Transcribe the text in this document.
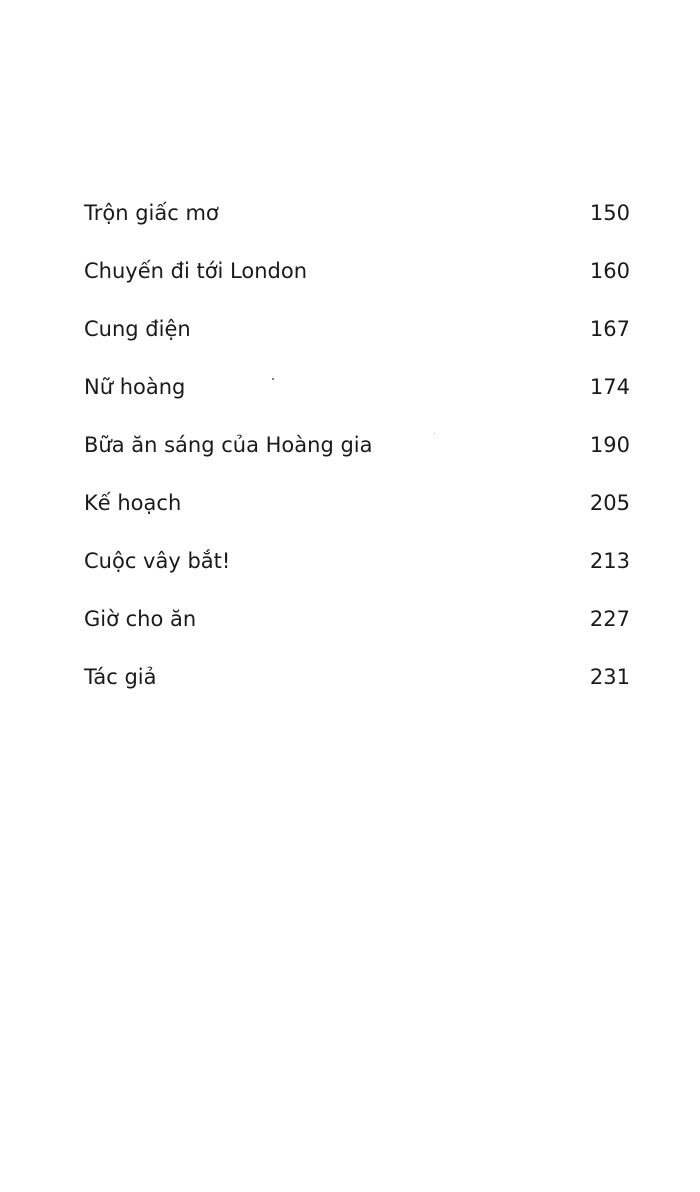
Trộn giấc mơ	150
Chuyến đi tới London	160
Cung điện	167
Nữ hoàng	174
Bữa ăn sáng của Hoàng gia	190
Kế hoạch	205
Cuộc vây bắt!	213
Giờ cho ăn	227
Tác giả	231
